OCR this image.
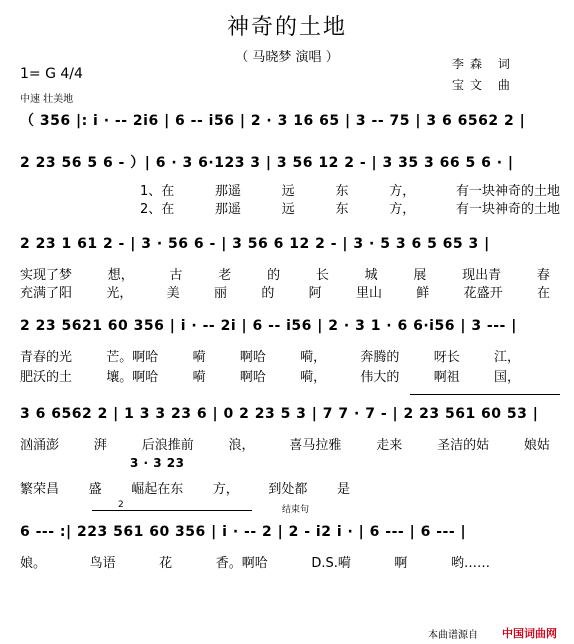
神奇的土地
（ 马晓梦 演唱 ）	李森 词
宝文 曲
1= G 4/4
中速 壮美地
（ 356 |: i · -- 2i6 | 6 -- i56 | 2 · 3 16 65 | 3 -- 75 | 3 6 6562 2 |
2 23 56 5 6 - ）| 6 · 3 6·123 3 | 3 56 12 2 - | 3 35 3 66 5 6 · |
1、在	那遥	远	东	方，	有一块神奇的土地
2、在	那遥	远	东	方，	有一块神奇的土地
2 23 1 61 2 - | 3 · 56 6 - | 3 56 6 12 2 - | 3 · 5 3 6 5 65 3 |
实现了梦	想，	古	老	的	长	城	展	现出青	春
充满了阳	光，	美	丽	的	阿	里山	鲜	花盛开	在
2 23 5621 60 356 | i · -- 2i | 6 -- i56 | 2 · 3 1 · 6 6·i56 | 3 --- |
青春的光	芒。啊哈	嗬	啊哈	嗬，	奔腾的	呀长	江，
肥沃的土	壤。啊哈	嗬	啊哈	嗬，	伟大的	啊祖	国，
3 6 6562 2 | 1 3 3 23 6 | 0 2 23 5 3 | 7 7 · 7 - | 2 23 561 60 53 |
汹涌澎	湃	后浪推前	浪，	喜马拉雅	走来	圣洁的姑	娘姑
3 · 3 23
繁荣昌 盛 崛起在东 方， 到处都 是
2	结束句
6 --- :| 223 561 60 356 | i · -- 2 | 2 - i2 i · | 6 --- | 6 --- |
娘。	鸟语	花	香。啊哈	D.S.嗬	啊	哟……
本曲谱源自 中国词曲网
